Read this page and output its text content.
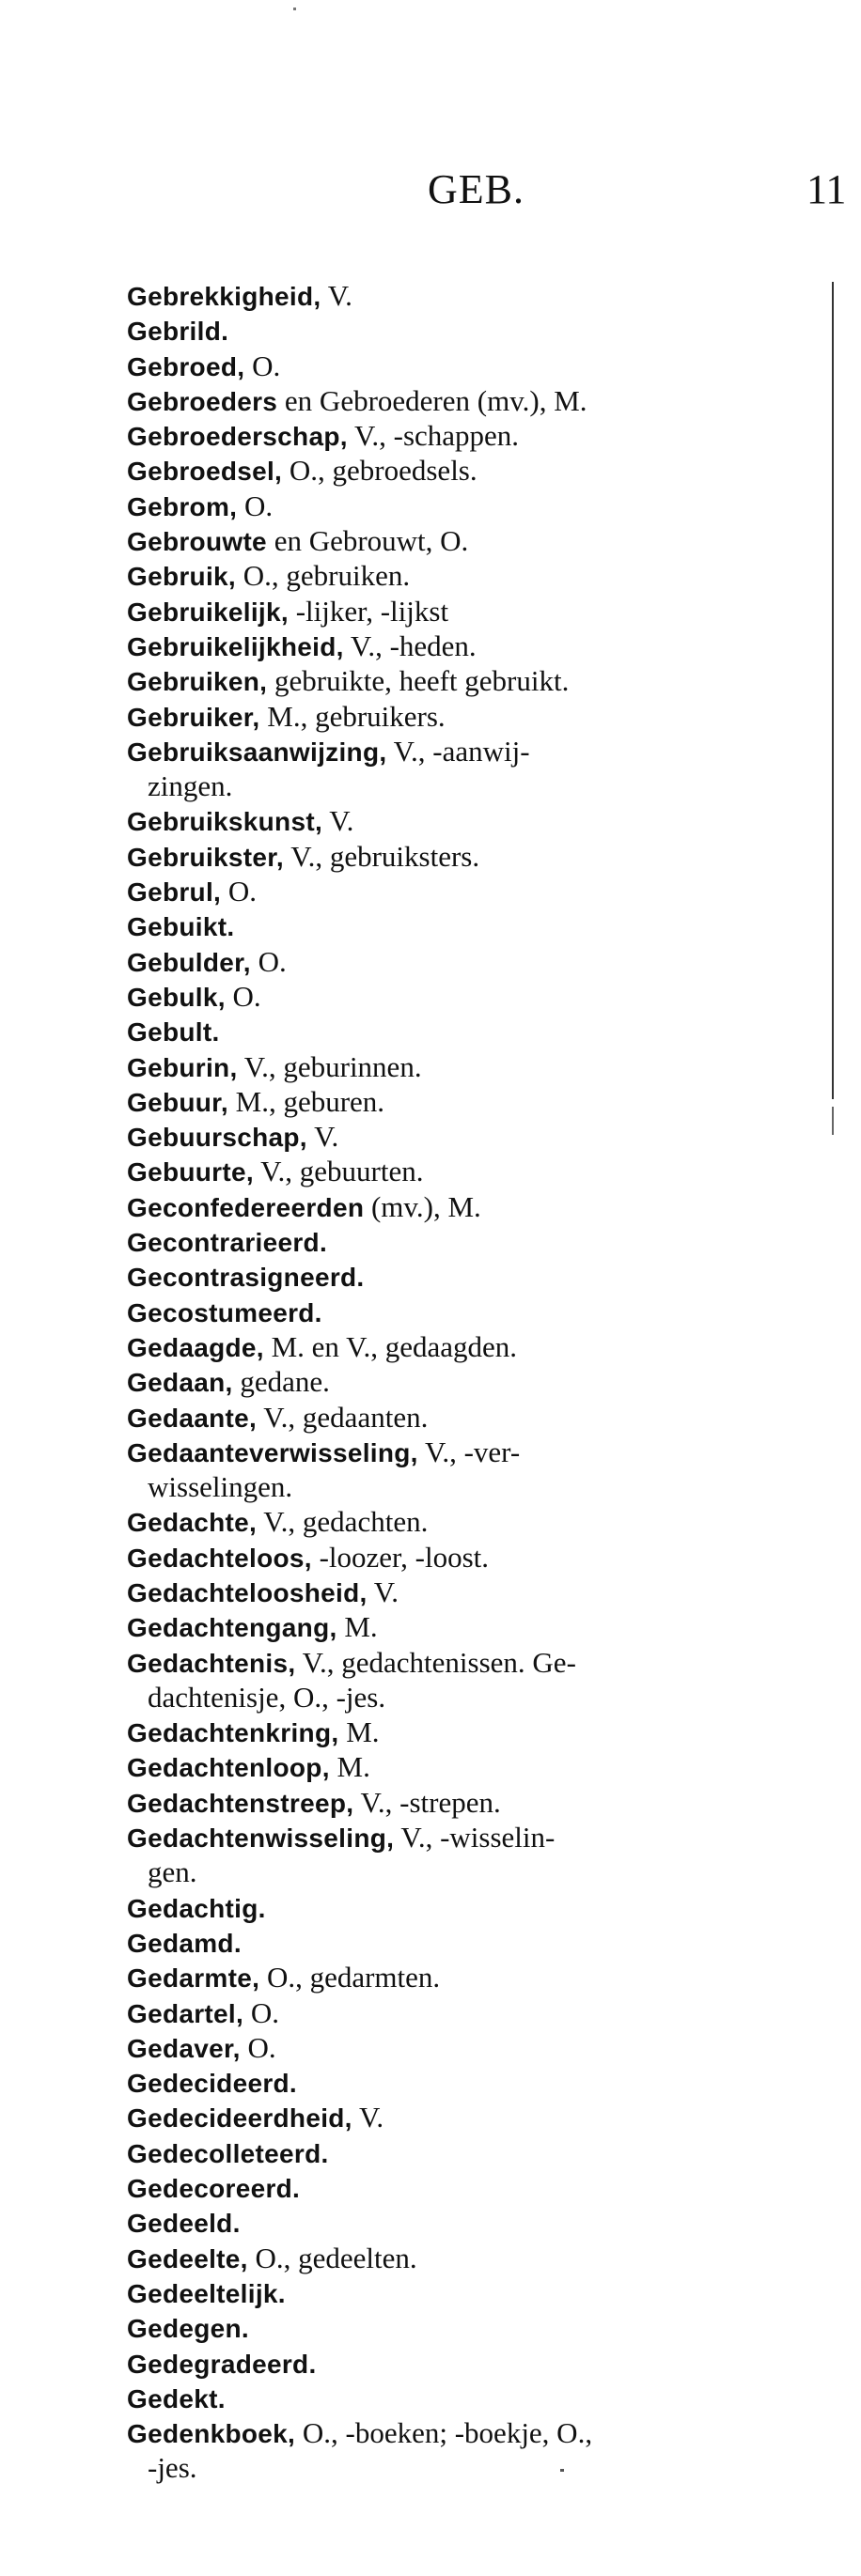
GEB.	11
Gebrekkigheid, V.
Gebrild.
Gebroed, O.
Gebroeders en Gebroederen (mv.), M.
Gebroederschap, V., -schappen.
Gebroedsel, O., gebroedsels.
Gebrom, O.
Gebrouwte en Gebrouwt, O.
Gebruik, O., gebruiken.
Gebruikelijk, -lijker, -lijkst
Gebruikelijkheid, V., -heden.
Gebruiken, gebruikte, heeft gebruikt.
Gebruiker, M., gebruikers.
Gebruiksaanwijzing, V., -aanwij-
zingen.
Gebruikskunst, V.
Gebruikster, V., gebruiksters.
Gebrul, O.
Gebuikt.
Gebulder, O.
Gebulk, O.
Gebult.
Geburin, V., geburinnen.
Gebuur, M., geburen.
Gebuurschap, V.
Gebuurte, V., gebuurten.
Geconfedereerden (mv.), M.
Gecontrarieerd.
Gecontrasigneerd.
Gecostumeerd.
Gedaagde, M. en V., gedaagden.
Gedaan, gedane.
Gedaante, V., gedaanten.
Gedaanteverwisseling, V., -ver-
wisselingen.
Gedachte, V., gedachten.
Gedachteloos, -loozer, -loost.
Gedachteloosheid, V.
Gedachtengang, M.
Gedachtenis, V., gedachtenissen. Ge-
dachtenisje, O., -jes.
Gedachtenkring, M.
Gedachtenloop, M.
Gedachtenstreep, V., -strepen.
Gedachtenwisseling, V., -wisselin-
gen.
Gedachtig.
Gedamd.
Gedarmte, O., gedarmten.
Gedartel, O.
Gedaver, O.
Gedecideerd.
Gedecideerdheid, V.
Gedecolleteerd.
Gedecoreerd.
Gedeeld.
Gedeelte, O., gedeelten.
Gedeeltelijk.
Gedegen.
Gedegradeerd.
Gedekt.
Gedenkboek, O., -boeken; -boekje, O.,
-jes.
